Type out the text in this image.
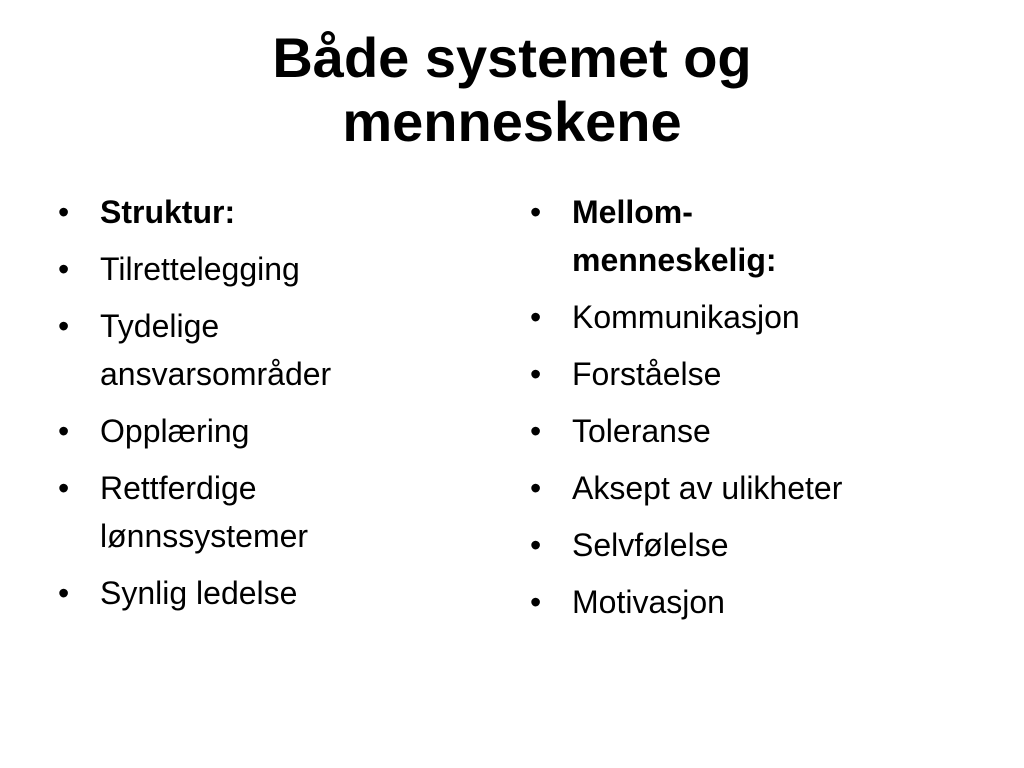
Både systemet og
menneskene
• Struktur:
• Tilrettelegging
• Tydelige ansvarsområder
• Opplæring
• Rettferdige lønnssystemer
• Synlig ledelse
• Mellom-menneskelig:
• Kommunikasjon
• Forståelse
• Toleranse
• Aksept av ulikheter
• Selvfølelse
• Motivasjon
